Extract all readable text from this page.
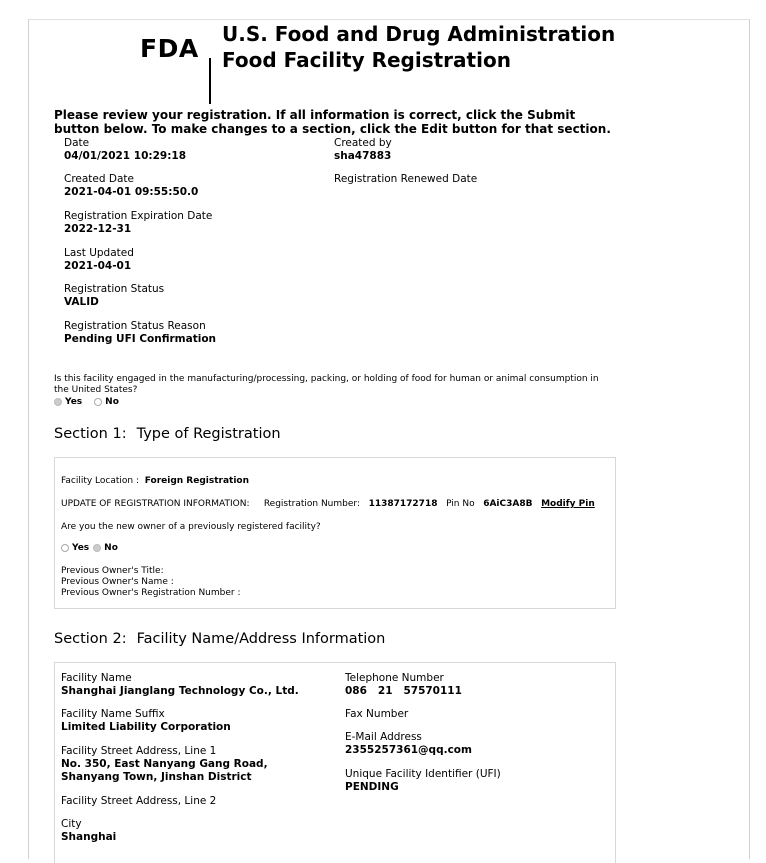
FDA U.S. Food and Drug Administration
Food Facility Registration
Please review your registration. If all information is correct, click the Submit button below. To make changes to a section, click the Edit button for that section.
Date
04/01/2021 10:29:18
Created by
sha47883
Created Date
2021-04-01 09:55:50.0
Registration Renewed Date
Registration Expiration Date
2022-12-31
Last Updated
2021-04-01
Registration Status
VALID
Registration Status Reason
Pending UFI Confirmation
Is this facility engaged in the manufacturing/processing, packing, or holding of food for human or animal consumption in the United States?
Yes	No
Section 1: Type of Registration
Facility Location : Foreign Registration
UPDATE OF REGISTRATION INFORMATION: Registration Number: 11387172718 Pin No 6AiC3A8B Modify Pin
Are you the new owner of a previously registered facility?
Yes No
Previous Owner's Title:
Previous Owner's Name :
Previous Owner's Registration Number :
Section 2: Facility Name/Address Information
Facility Name
Shanghai Jianglang Technology Co., Ltd.
Facility Name Suffix
Limited Liability Corporation
Facility Street Address, Line 1
No. 350, East Nanyang Gang Road, Shanyang Town, Jinshan District
Facility Street Address, Line 2
City
Shanghai
Telephone Number
086   21   57570111
Fax Number
E-Mail Address
2355257361@qq.com
Unique Facility Identifier (UFI)
PENDING
